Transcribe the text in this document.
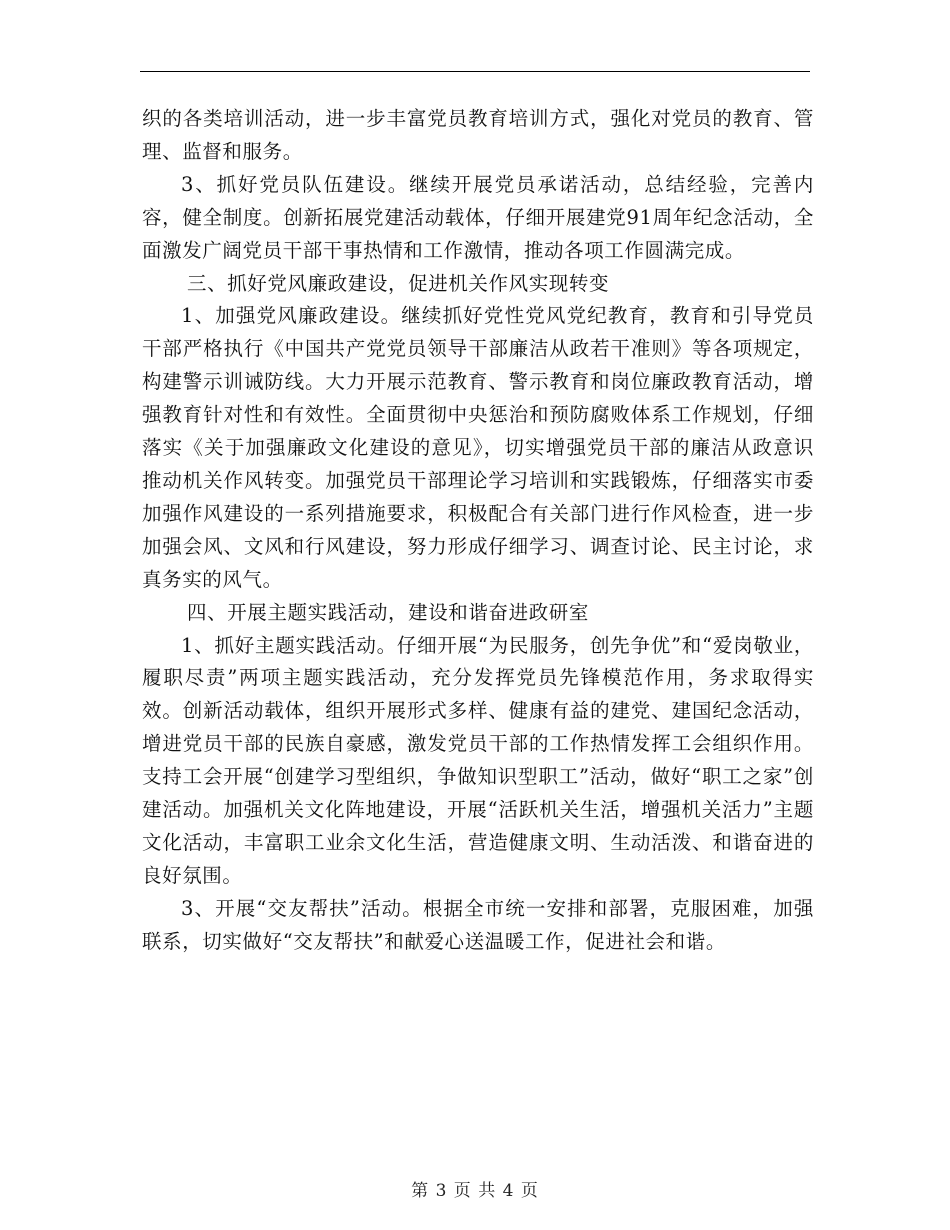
织的各类培训活动，进一步丰富党员教育培训方式，强化对党员的教育、管理、监督和服务。

3、抓好党员队伍建设。继续开展党员承诺活动，总结经验，完善内容，健全制度。创新拓展党建活动载体，仔细开展建党91周年纪念活动，全面激发广阔党员干部干事热情和工作激情，推动各项工作圆满完成。

三、抓好党风廉政建设，促进机关作风实现转变

1、加强党风廉政建设。继续抓好党性党风党纪教育，教育和引导党员干部严格执行《中国共产党党员领导干部廉洁从政若干准则》等各项规定，构建警示训诫防线。大力开展示范教育、警示教育和岗位廉政教育活动，增强教育针对性和有效性。全面贯彻中央惩治和预防腐败体系工作规划，仔细落实《关于加强廉政文化建设的意见》，切实增强党员干部的廉洁从政意识推动机关作风转变。加强党员干部理论学习培训和实践锻炼，仔细落实市委加强作风建设的一系列措施要求，积极配合有关部门进行作风检查，进一步加强会风、文风和行风建设，努力形成仔细学习、调查讨论、民主讨论，求真务实的风气。

四、开展主题实践活动，建设和谐奋进政研室

1、抓好主题实践活动。仔细开展“为民服务，创先争优”和“爱岗敬业，履职尽责”两项主题实践活动，充分发挥党员先锋模范作用，务求取得实效。创新活动载体，组织开展形式多样、健康有益的建党、建国纪念活动，增进党员干部的民族自豪感，激发党员干部的工作热情发挥工会组织作用。支持工会开展“创建学习型组织，争做知识型职工”活动，做好“职工之家”创建活动。加强机关文化阵地建设，开展“活跃机关生活，增强机关活力”主题文化活动，丰富职工业余文化生活，营造健康文明、生动活泼、和谐奋进的良好氛围。

3、开展“交友帮扶”活动。根据全市统一安排和部署，克服困难，加强联系，切实做好“交友帮扶”和献爱心送温暖工作，促进社会和谐。

第 3 页 共 4 页
